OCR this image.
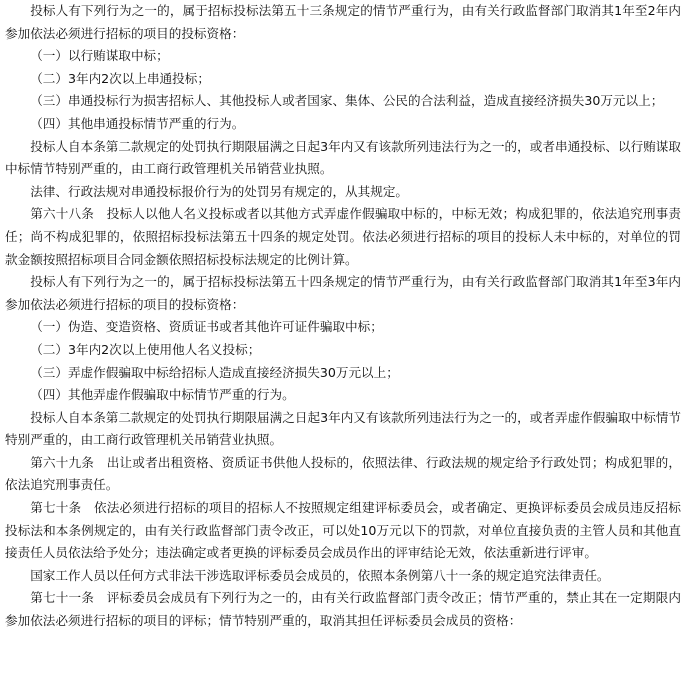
投标人有下列行为之一的，属于招标投标法第五十三条规定的情节严重行为，由有关行政监督部门取消其1年至2年内参加依法必须进行招标的项目的投标资格：

（一）以行贿谋取中标；

（二）3年内2次以上串通投标；

（三）串通投标行为损害招标人、其他投标人或者国家、集体、公民的合法利益，造成直接经济损失30万元以上；

（四）其他串通投标情节严重的行为。

投标人自本条第二款规定的处罚执行期限届满之日起3年内又有该款所列违法行为之一的，或者串通投标、以行贿谋取中标情节特别严重的，由工商行政管理机关吊销营业执照。

法律、行政法规对串通投标报价行为的处罚另有规定的，从其规定。

第六十八条　投标人以他人名义投标或者以其他方式弄虚作假骗取中标的，中标无效；构成犯罪的，依法追究刑事责任；尚不构成犯罪的，依照招标投标法第五十四条的规定处罚。依法必须进行招标的项目的投标人未中标的，对单位的罚款金额按照招标项目合同金额依照招标投标法规定的比例计算。

投标人有下列行为之一的，属于招标投标法第五十四条规定的情节严重行为，由有关行政监督部门取消其1年至3年内参加依法必须进行招标的项目的投标资格：

（一）伪造、变造资格、资质证书或者其他许可证件骗取中标；

（二）3年内2次以上使用他人名义投标；

（三）弄虚作假骗取中标给招标人造成直接经济损失30万元以上；

（四）其他弄虚作假骗取中标情节严重的行为。

投标人自本条第二款规定的处罚执行期限届满之日起3年内又有该款所列违法行为之一的，或者弄虚作假骗取中标情节特别严重的，由工商行政管理机关吊销营业执照。

第六十九条　出让或者出租资格、资质证书供他人投标的，依照法律、行政法规的规定给予行政处罚；构成犯罪的，依法追究刑事责任。

第七十条　依法必须进行招标的项目的招标人不按照规定组建评标委员会，或者确定、更换评标委员会成员违反招标投标法和本条例规定的，由有关行政监督部门责令改正，可以处10万元以下的罚款，对单位直接负责的主管人员和其他直接责任人员依法给予处分；违法确定或者更换的评标委员会成员作出的评审结论无效，依法重新进行评审。

国家工作人员以任何方式非法干涉选取评标委员会成员的，依照本条例第八十一条的规定追究法律责任。

第七十一条　评标委员会成员有下列行为之一的，由有关行政监督部门责令改正；情节严重的，禁止其在一定期限内参加依法必须进行招标的项目的评标；情节特别严重的，取消其担任评标委员会成员的资格：
